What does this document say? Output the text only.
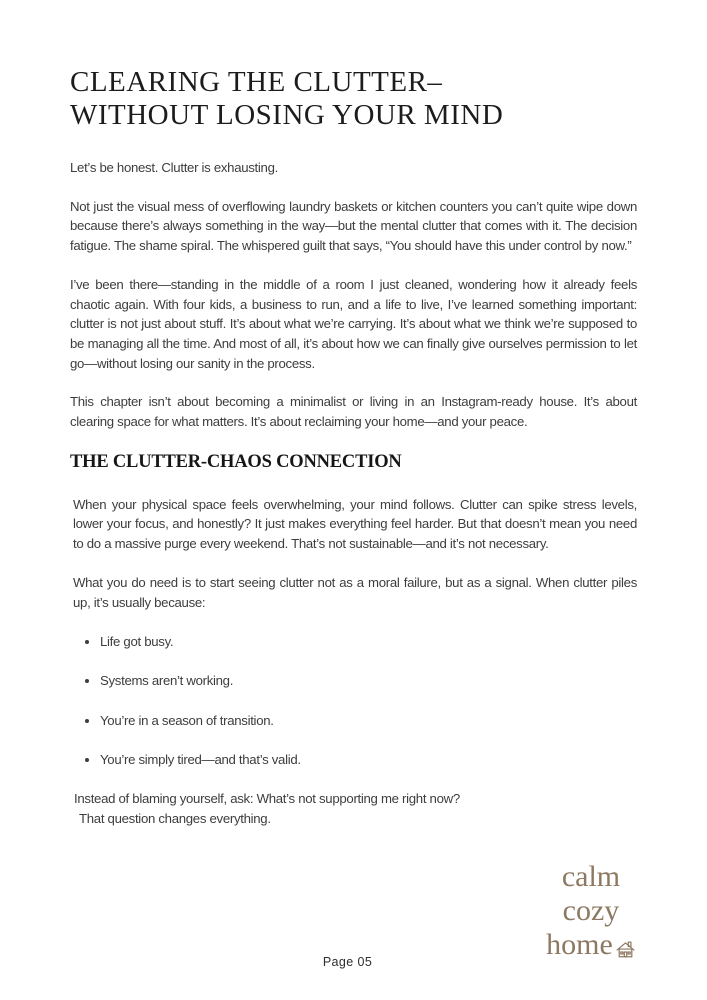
CLEARING THE CLUTTER–
WITHOUT LOSING YOUR MIND

Let’s be honest. Clutter is exhausting.

Not just the visual mess of overflowing laundry baskets or kitchen counters you can’t quite wipe down because there’s always something in the way—but the mental clutter that comes with it. The decision fatigue. The shame spiral. The whispered guilt that says, “You should have this under control by now.”

I’ve been there—standing in the middle of a room I just cleaned, wondering how it already feels chaotic again. With four kids, a business to run, and a life to live, I’ve learned something important: clutter is not just about stuff. It’s about what we’re carrying. It’s about what we think we’re supposed to be managing all the time. And most of all, it’s about how we can finally give ourselves permission to let go—without losing our sanity in the process.

This chapter isn’t about becoming a minimalist or living in an Instagram-ready house. It’s about clearing space for what matters. It’s about reclaiming your home—and your peace.

THE CLUTTER-CHAOS CONNECTION

When your physical space feels overwhelming, your mind follows. Clutter can spike stress levels, lower your focus, and honestly? It just makes everything feel harder. But that doesn’t mean you need to do a massive purge every weekend. That’s not sustainable—and it’s not necessary.

What you do need is to start seeing clutter not as a moral failure, but as a signal. When clutter piles up, it’s usually because:

• Life got busy.
• Systems aren’t working.
• You’re in a season of transition.
• You’re simply tired—and that’s valid.
Instead of blaming yourself, ask: What’s not supporting me right now?
That question changes everything.
calm
cozy
home
Page 05
